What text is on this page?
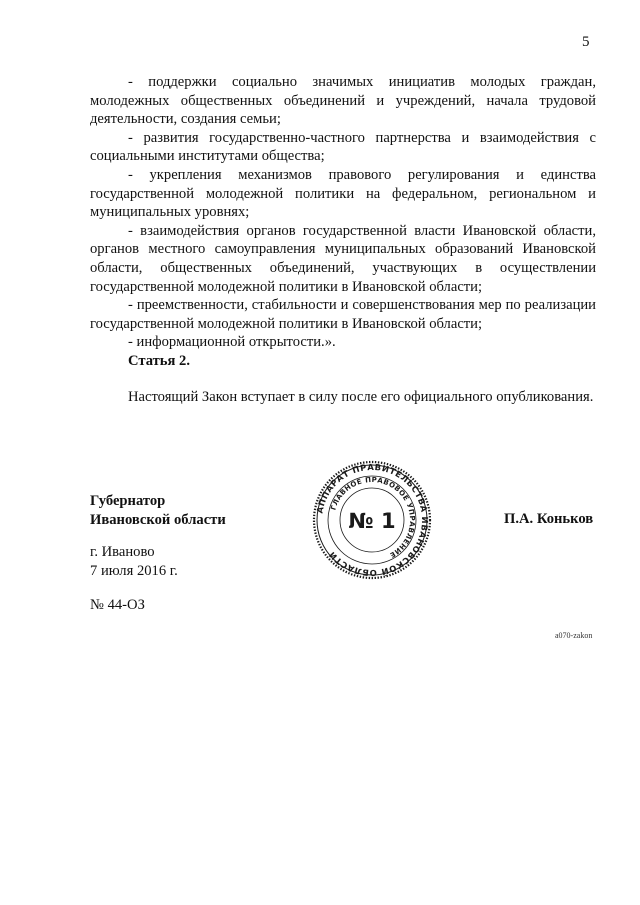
5

- поддержки социально значимых инициатив молодых граждан, молодежных общественных объединений и учреждений, начала трудовой деятельности, создания семьи;

- развития государственно-частного партнерства и взаимодействия с социальными институтами общества;

- укрепления механизмов правового регулирования и единства государственной молодежной политики на федеральном, региональном и муниципальных уровнях;

- взаимодействия органов государственной власти Ивановской области, органов местного самоуправления муниципальных образований Ивановской области, общественных объединений, участвующих в осуществлении государственной молодежной политики в Ивановской области;

- преемственности, стабильности и совершенствования мер по реализации государственной молодежной политики в Ивановской области;

- информационной открытости.».

Статья 2.

Настоящий Закон вступает в силу после его официального опубликования.

Губернатор
Ивановской области
АППАРАТ ПРАВИТЕЛЬСТВА ИВАНОВСКОЙ ОБЛАСТИ
ГЛАВНОЕ ПРАВОВОЕ УПРАВЛЕНИЕ
№ 1	П.А. Коньков
г. Иваново
7 июля 2016 г.
№ 44-ОЗ
a070-zakon
